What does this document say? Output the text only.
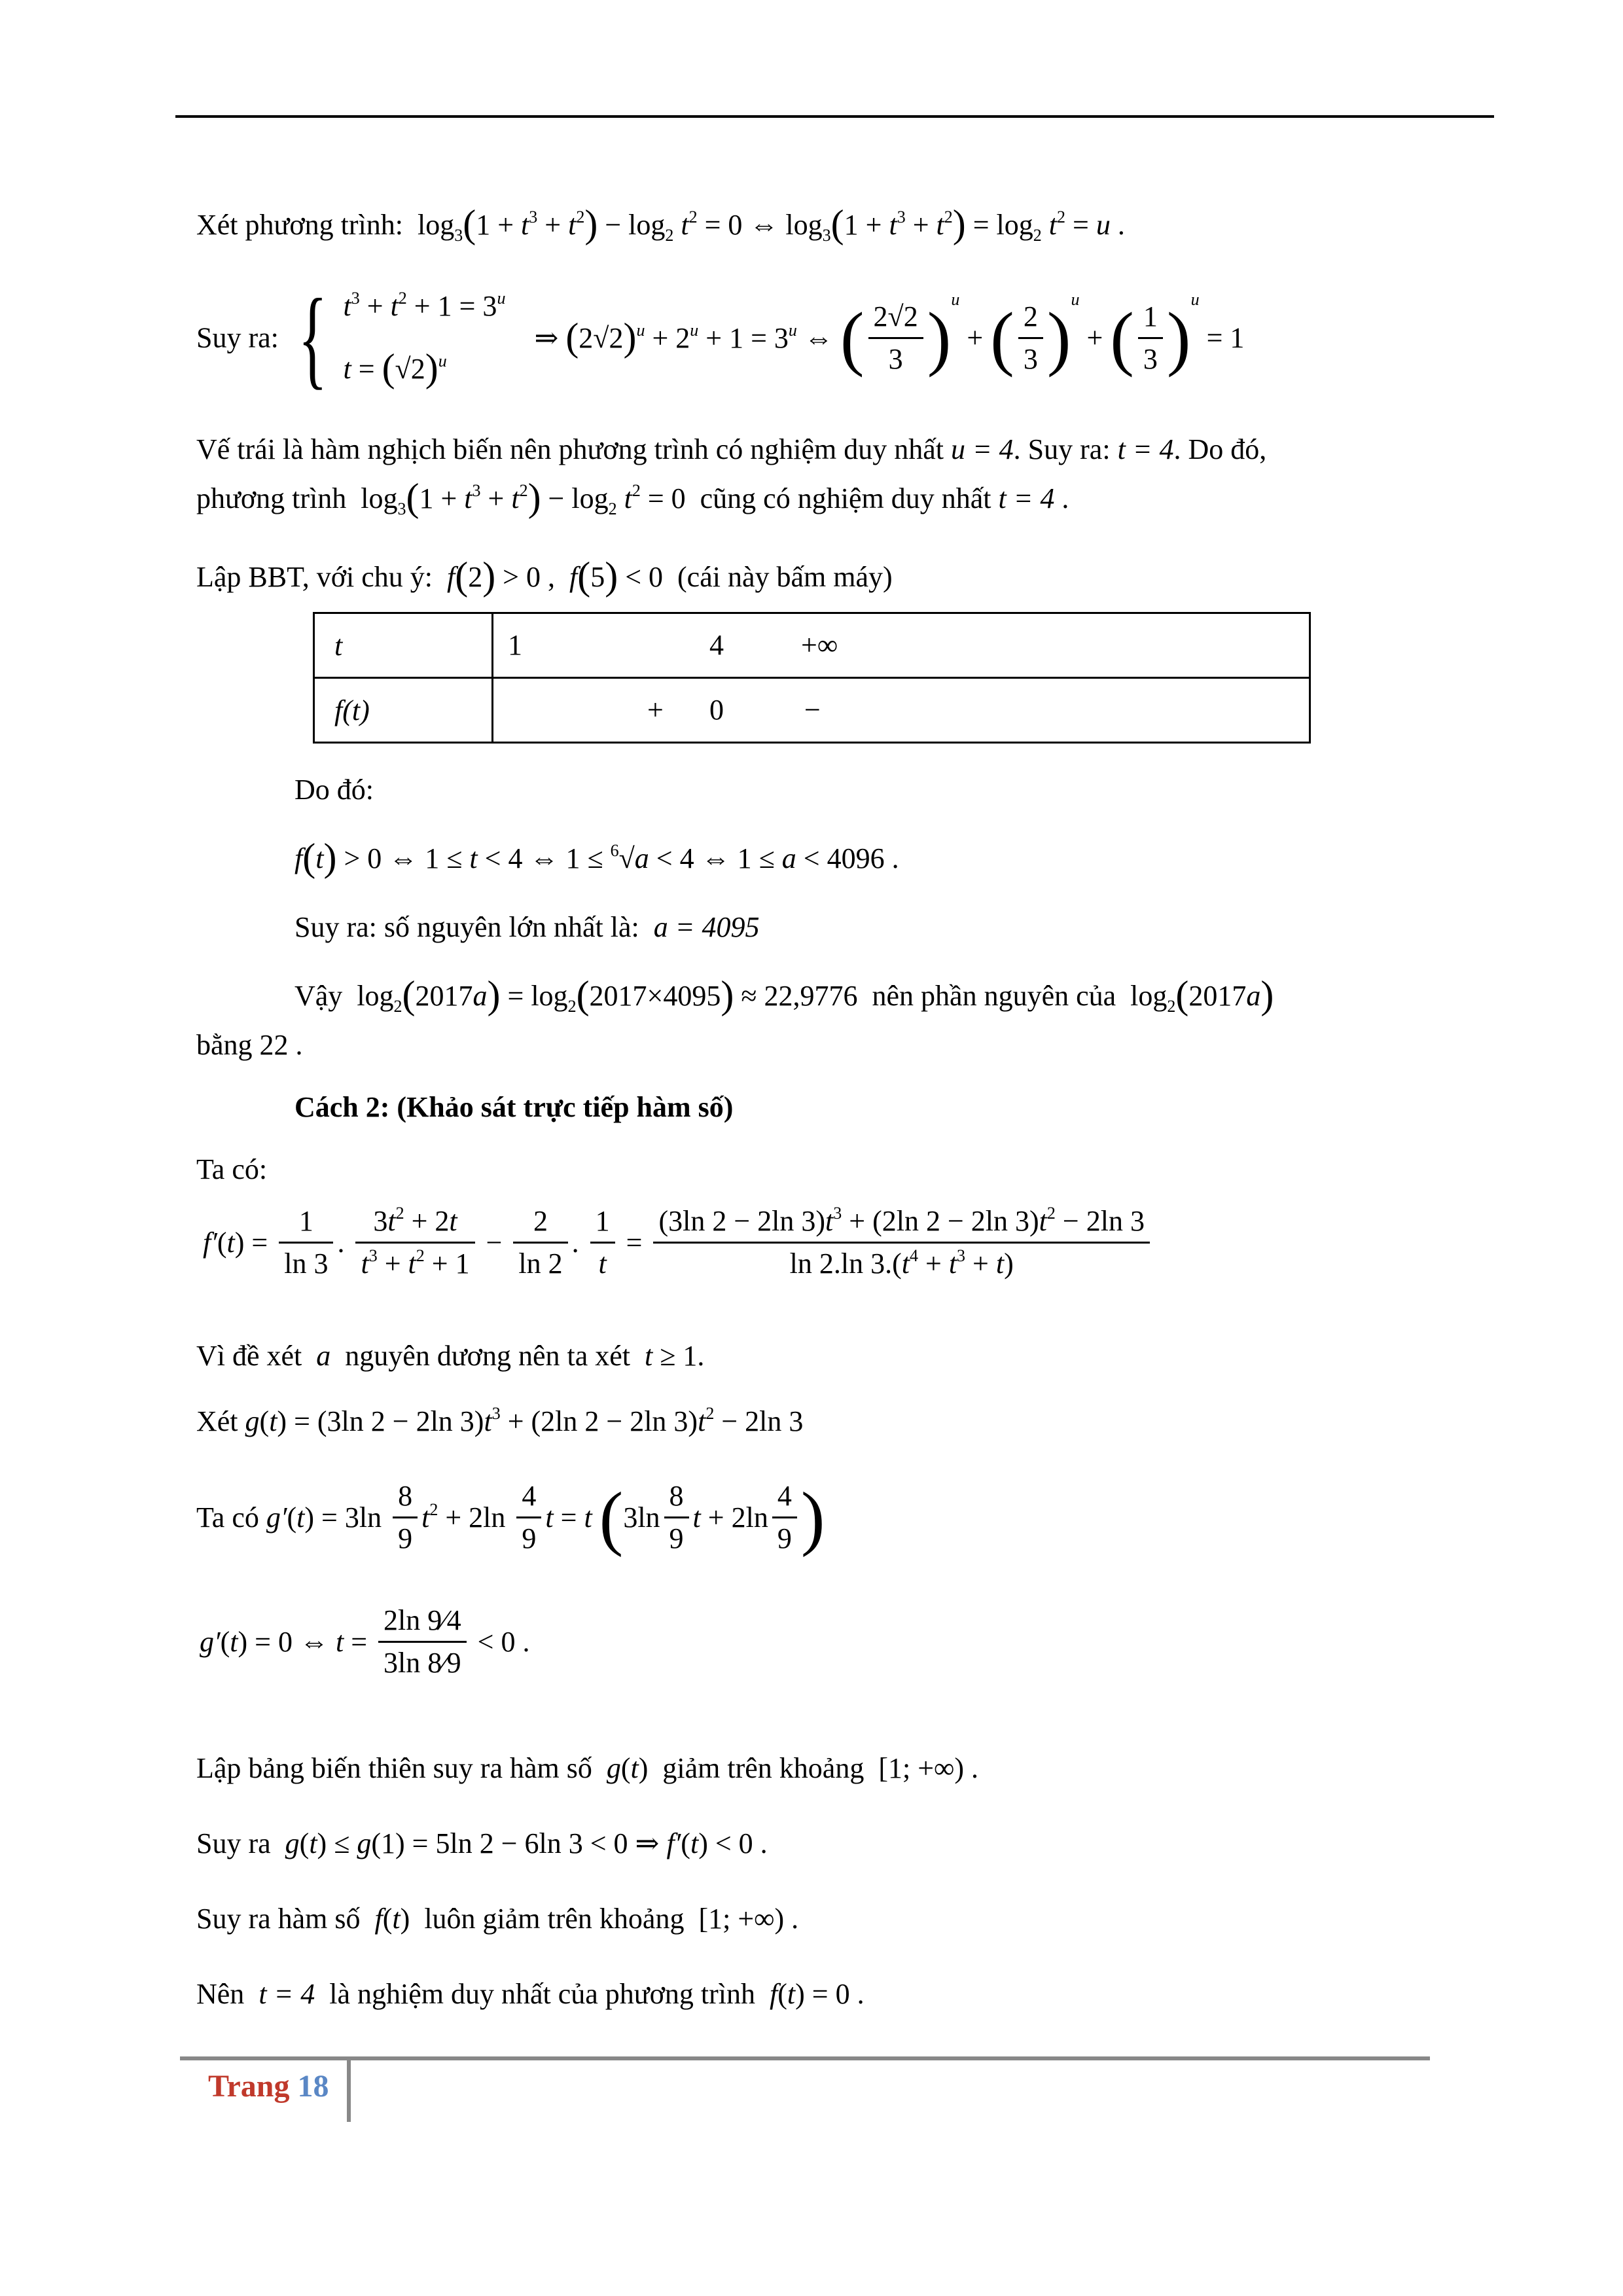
Xét phương trình:  $\log_3(1 + t^3 + t^2) - \log_2 t^2 = 0$ ⇔ $\log_3(1 + t^3 + t^2) = \log_2 t^2 = u$ .
Suy ra: { $t^3 + t^2 + 1 = 3^u$
$t = (√2)^u$
⇒ $(2√2)^u + 2^u + 1 = 3^u$ ⇔ ( $\frac{2√2}{3} )^u$ + ( $\frac{2}{3} )^u$ + ( $\frac{1}{3} )^u = 1$
Vế trái là hàm nghịch biến nên phương trình có nghiệm duy nhất u = 4. Suy ra: t = 4. Do đó,
phương trình  $\log_3(1 + t^3 + t^2) - \log_2 t^2 = 0$  cũng có nghiệm duy nhất t = 4 .
Lập BBT, với chu ý: f(2) > 0 ,  f(5) < 0  (cái này bấm máy)
t	1 4 +∞

f(t)	+ 0 −
Do đó:
f(t) > 0 ⇔ 1 ≤ t < 4 ⇔ 1 ≤ $^6$√a < 4 ⇔ 1 ≤ a < 4096 .
Suy ra: số nguyên lớn nhất là: a = 4095
Vậy  $\log_2(2017a) = \log_2(2017\times 4095) \approx 22,9776$ nên phần nguyên của  $\log_2(2017a)$
bằng 22 .
Cách 2: (Khảo sát trực tiếp hàm số)
Ta có:
$f'(t) = \frac{1}{\ln 3}$ . $\frac{3t^2 + 2t}{t^3 + t^2 + 1} - \frac{2}{\ln 2}$ . $\frac{1}{t} = \frac{(3\ln 2 - 2\ln 3)t^3 + (2\ln 2 - 2\ln 3)t^2 - 2\ln 3}{\ln 2.\ln 3.(t^4 + t^3 + t)}$
Vì đề xét a nguyên dương nên ta xét t ≥ 1.
Xét g(t) = (3ln 2 − 2ln $3)t^3 + (2\ln$ 2 − 2ln $3)t^2 - 2\ln$ 3
Ta có $g'(t) = 3\ln \frac{8}{9} t^2 + 2\ln \frac{4}{9}$ t = t ($3\ln \frac{8}{9}$ $t + 2\ln \frac{4}{9}$ )
g′(t) = 0 ⇔ $t = \frac{2\ln 9⁄4}{3\ln 8⁄9} < 0$ .
Lập bảng biến thiên suy ra hàm số g(t)  giảm trên khoảng  [1; +∞) .
Suy ra g(t) ≤ g(1) = 5ln 2 − 6ln 3 < 0 ⇒ f′(t) < 0 .
Suy ra hàm số f(t)  luôn giảm trên khoảng  [1; +∞) .
Nên t = 4 là nghiệm duy nhất của phương trình f(t) = 0 .
Trang 18
